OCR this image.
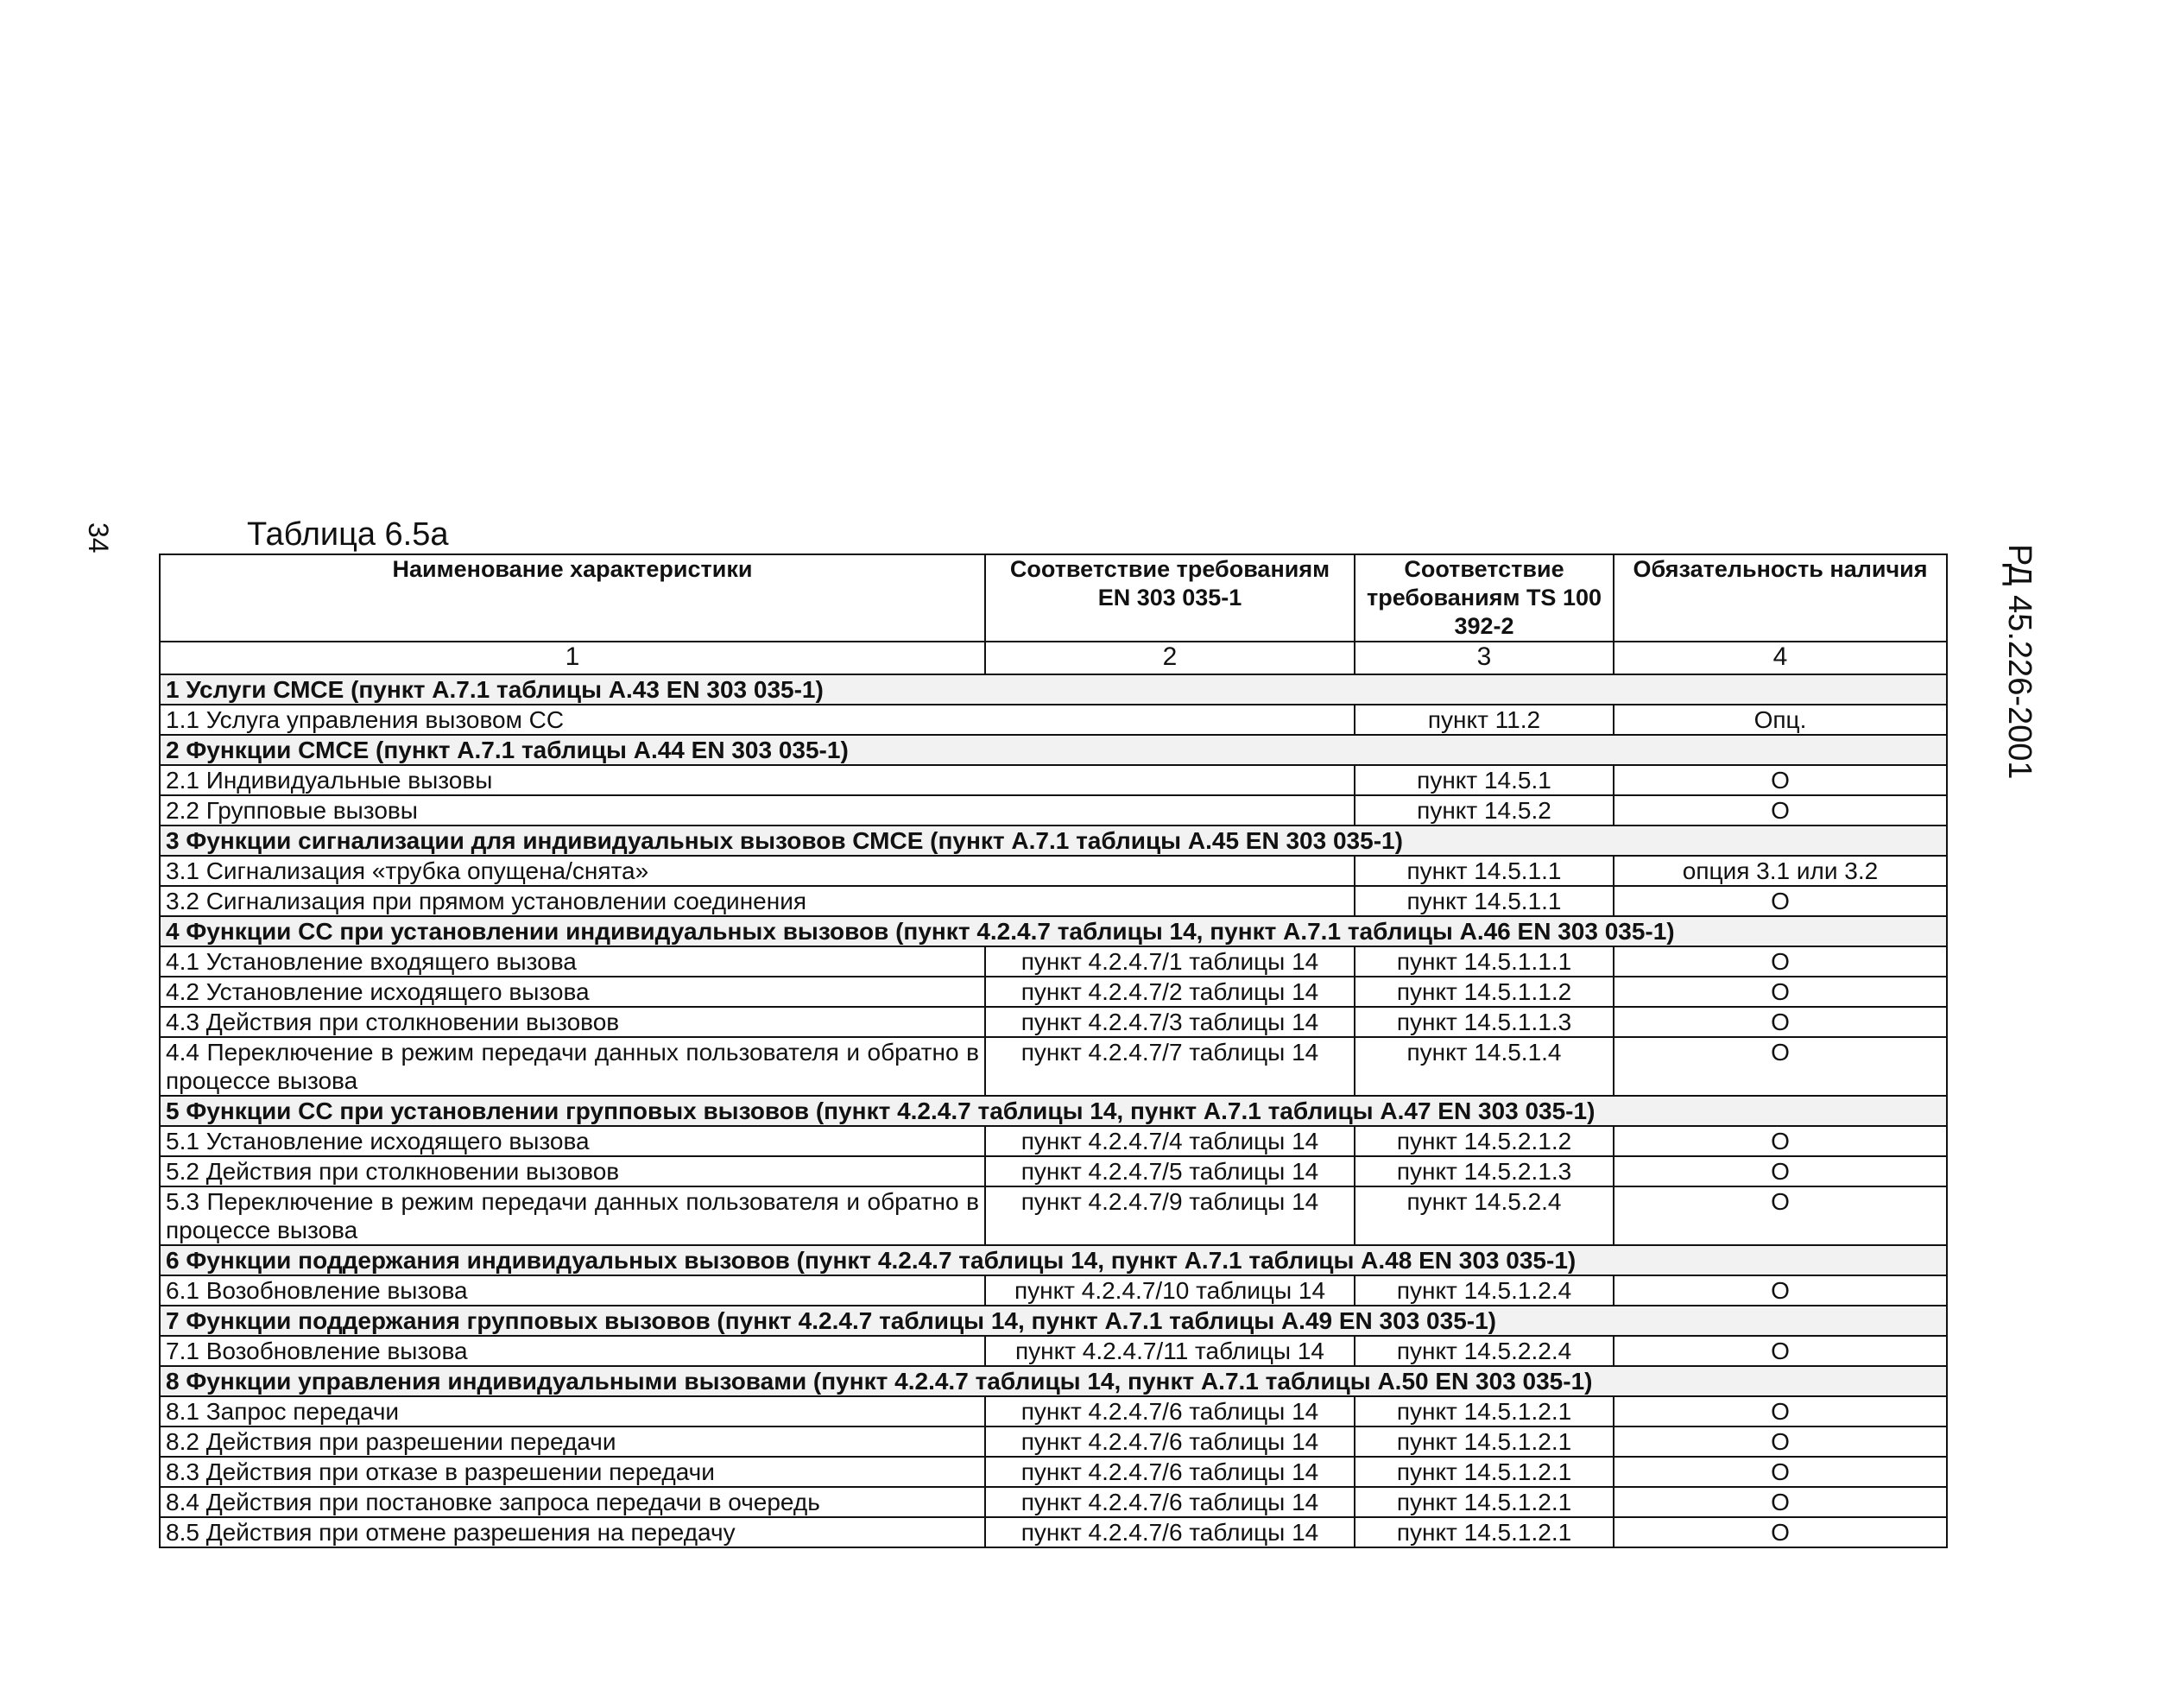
34
РД 45.226-2001
Таблица 6.5а
Наименование характеристики	Соответствие требованиям EN 303 035-1	Соответствие требованиям TS 100 392-2	Обязательность наличия
1	2	3	4
1 Услуги СМСЕ (пункт А.7.1 таблицы А.43 EN 303 035-1)			
1.1 Услуга управления вызовом СС		пункт 11.2	Опц.
2 Функции СМСЕ (пункт А.7.1 таблицы А.44 EN 303 035-1)			
2.1 Индивидуальные вызовы		пункт 14.5.1	О
2.2 Групповые вызовы		пункт 14.5.2	О
3 Функции сигнализации для индивидуальных вызовов СМСЕ (пункт А.7.1 таблицы А.45 EN 303 035-1)			
3.1 Сигнализация «трубка опущена/снята»		пункт 14.5.1.1	опция 3.1 или 3.2
3.2 Сигнализация при прямом установлении соединения		пункт 14.5.1.1	О
4 Функции СС при установлении индивидуальных вызовов (пункт 4.2.4.7 таблицы 14, пункт А.7.1 таблицы А.46 EN 303 035-1)			
4.1 Установление входящего вызова	пункт 4.2.4.7/1 таблицы 14	пункт 14.5.1.1.1	О
4.2 Установление исходящего вызова	пункт 4.2.4.7/2 таблицы 14	пункт 14.5.1.1.2	О
4.3 Действия при столкновении вызовов	пункт 4.2.4.7/3 таблицы 14	пункт 14.5.1.1.3	О
4.4 Переключение в режим передачи данных пользователя и обратно в процессе вызова	пункт 4.2.4.7/7 таблицы 14	пункт 14.5.1.4	О
5 Функции СС при установлении групповых вызовов (пункт 4.2.4.7 таблицы 14, пункт А.7.1 таблицы А.47 EN 303 035-1)			
5.1 Установление исходящего вызова	пункт 4.2.4.7/4 таблицы 14	пункт 14.5.2.1.2	О
5.2 Действия при столкновении вызовов	пункт 4.2.4.7/5 таблицы 14	пункт 14.5.2.1.3	О
5.3 Переключение в режим передачи данных пользователя и обратно в процессе вызова	пункт 4.2.4.7/9 таблицы 14	пункт 14.5.2.4	О
6 Функции поддержания индивидуальных вызовов (пункт 4.2.4.7 таблицы 14, пункт А.7.1 таблицы А.48 EN 303 035-1)			
6.1 Возобновление вызова	пункт 4.2.4.7/10 таблицы 14	пункт 14.5.1.2.4	О
7 Функции поддержания групповых вызовов (пункт 4.2.4.7 таблицы 14, пункт А.7.1 таблицы А.49 EN 303 035-1)			
7.1 Возобновление вызова	пункт 4.2.4.7/11 таблицы 14	пункт 14.5.2.2.4	О
8 Функции управления индивидуальными вызовами (пункт 4.2.4.7 таблицы 14, пункт А.7.1 таблицы А.50 EN 303 035-1)			
8.1 Запрос передачи	пункт 4.2.4.7/6 таблицы 14	пункт 14.5.1.2.1	О
8.2 Действия при разрешении передачи	пункт 4.2.4.7/6 таблицы 14	пункт 14.5.1.2.1	О
8.3 Действия при отказе в разрешении передачи	пункт 4.2.4.7/6 таблицы 14	пункт 14.5.1.2.1	О
8.4 Действия при постановке запроса передачи в очередь	пункт 4.2.4.7/6 таблицы 14	пункт 14.5.1.2.1	О
8.5 Действия при отмене разрешения на передачу	пункт 4.2.4.7/6 таблицы 14	пункт 14.5.1.2.1	О
